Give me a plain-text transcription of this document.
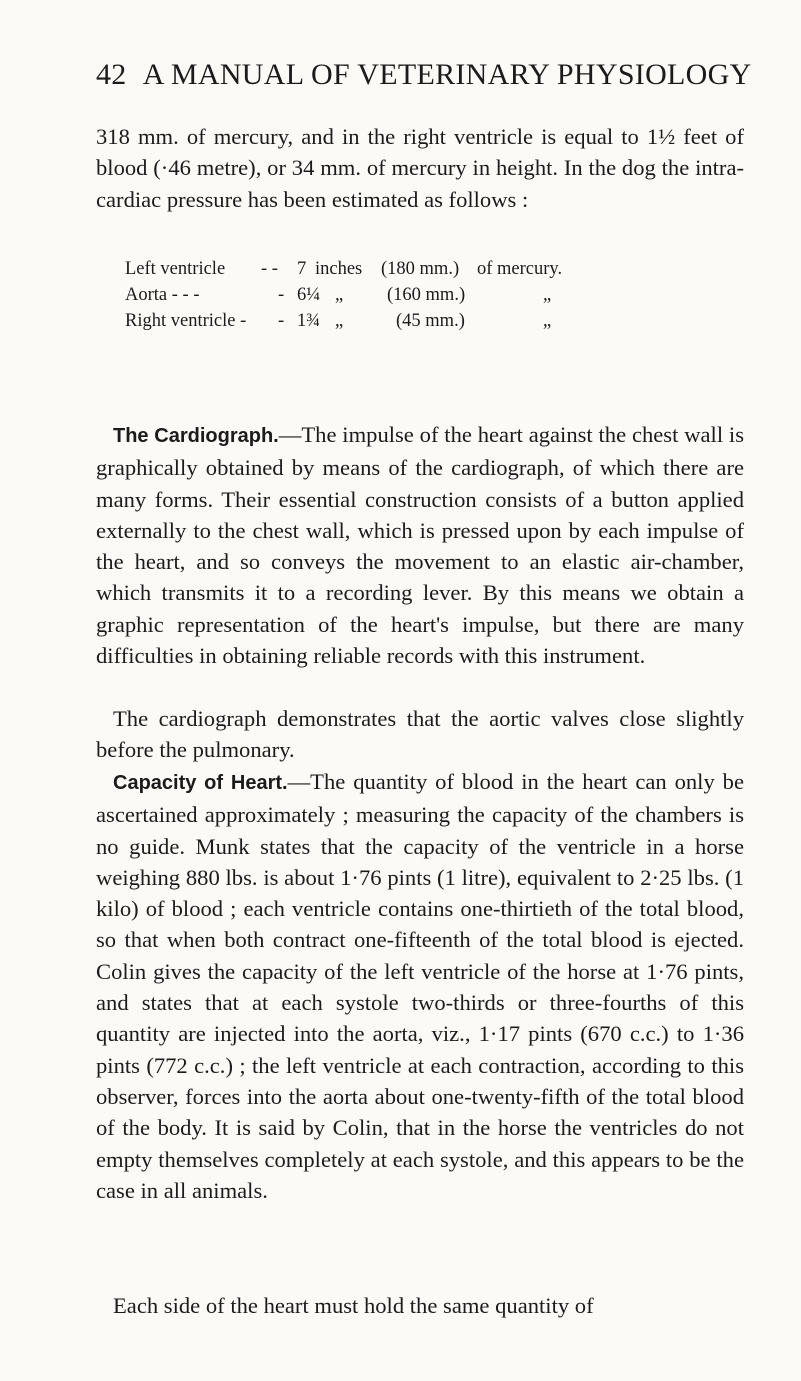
42 A MANUAL OF VETERINARY PHYSIOLOGY

318 mm. of mercury, and in the right ventricle is equal to 1½ feet of blood (·46 metre), or 34 mm. of mercury in height. In the dog the intra-cardiac pressure has been estimated as follows :

Left ventricle - - 7 inches (180 mm.) of mercury.
Aorta - - -	- 6¼ „ (160 mm.)	„
Right ventricle - - 1¾ „	(45 mm.)	„

The Cardiograph.—The impulse of the heart against the chest wall is graphically obtained by means of the cardiograph, of which there are many forms. Their essential construction consists of a button applied externally to the chest wall, which is pressed upon by each impulse of the heart, and so conveys the movement to an elastic air-chamber, which transmits it to a recording lever. By this means we obtain a graphic representation of the heart's impulse, but there are many difficulties in obtaining reliable records with this instrument.

The cardiograph demonstrates that the aortic valves close slightly before the pulmonary.

Capacity of Heart.—The quantity of blood in the heart can only be ascertained approximately ; measuring the capacity of the chambers is no guide. Munk states that the capacity of the ventricle in a horse weighing 880 lbs. is about 1·76 pints (1 litre), equivalent to 2·25 lbs. (1 kilo) of blood ; each ventricle contains one-thirtieth of the total blood, so that when both contract one-fifteenth of the total blood is ejected. Colin gives the capacity of the left ventricle of the horse at 1·76 pints, and states that at each systole two-thirds or three-fourths of this quantity are injected into the aorta, viz., 1·17 pints (670 c.c.) to 1·36 pints (772 c.c.) ; the left ventricle at each contraction, according to this observer, forces into the aorta about one-twenty-fifth of the total blood of the body. It is said by Colin, that in the horse the ventricles do not empty themselves completely at each systole, and this appears to be the case in all animals.

Each side of the heart must hold the same quantity of
